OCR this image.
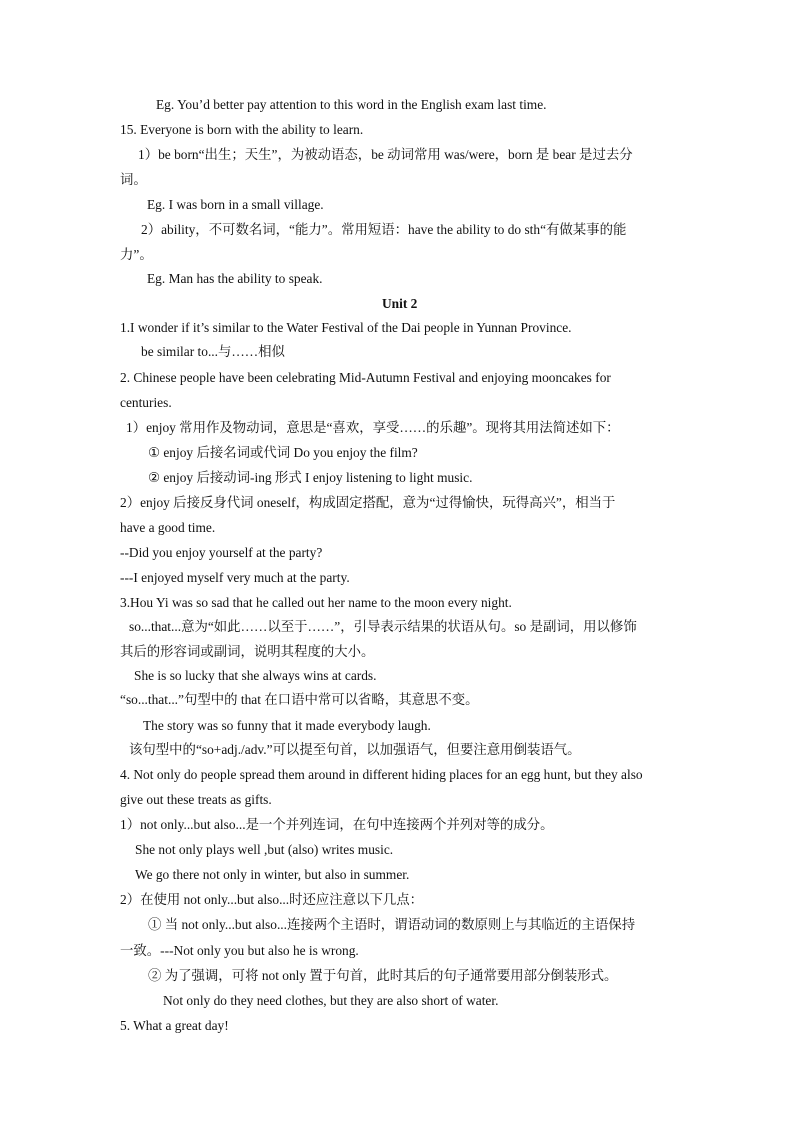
Eg. You’d better pay attention to this word in the English exam last time.
15. Everyone is born with the ability to learn.
1）be born“出生；天生”，为被动语态，be 动词常用 was/were，born 是 bear 是过去分
词。
Eg. I was born in a small village.
2）ability，不可数名词，“能力”。常用短语：have the ability to do sth“有做某事的能
力”。
Eg. Man has the ability to speak.
Unit 2
1.I wonder if it’s similar to the Water Festival of the Dai people in Yunnan Province.
be similar to...与……相似
2. Chinese people have been celebrating Mid-Autumn Festival and enjoying mooncakes for
centuries.
1）enjoy 常用作及物动词，意思是“喜欢，享受……的乐趣”。现将其用法简述如下：
① enjoy 后接名词或代词 Do you enjoy the film?
② enjoy 后接动词-ing 形式 I enjoy listening to light music.
2）enjoy 后接反身代词 oneself，构成固定搭配，意为“过得愉快，玩得高兴”，相当于
have a good time.
--Did you enjoy yourself at the party?
---I enjoyed myself very much at the party.
3.Hou Yi was so sad that he called out her name to the moon every night.
so...that...意为“如此……以至于……”，引导表示结果的状语从句。so 是副词，用以修饰
其后的形容词或副词，说明其程度的大小。
She is so lucky that she always wins at cards.
“so...that...”句型中的 that 在口语中常可以省略，其意思不变。
The story was so funny that it made everybody laugh.
该句型中的“so+adj./adv.”可以提至句首，以加强语气，但要注意用倒装语气。
4. Not only do people spread them around in different hiding places for an egg hunt, but they also
give out these treats as gifts.
1）not only...but also...是一个并列连词，在句中连接两个并列对等的成分。
She not only plays well ,but (also) writes music.
We go there not only in winter, but also in summer.
2）在使用 not only...but also...时还应注意以下几点：
① 当 not only...but also...连接两个主语时，谓语动词的数原则上与其临近的主语保持
一致。---Not only you but also he is wrong.
② 为了强调，可将 not only 置于句首，此时其后的句子通常要用部分倒装形式。
Not only do they need clothes, but they are also short of water.
5. What a great day!
